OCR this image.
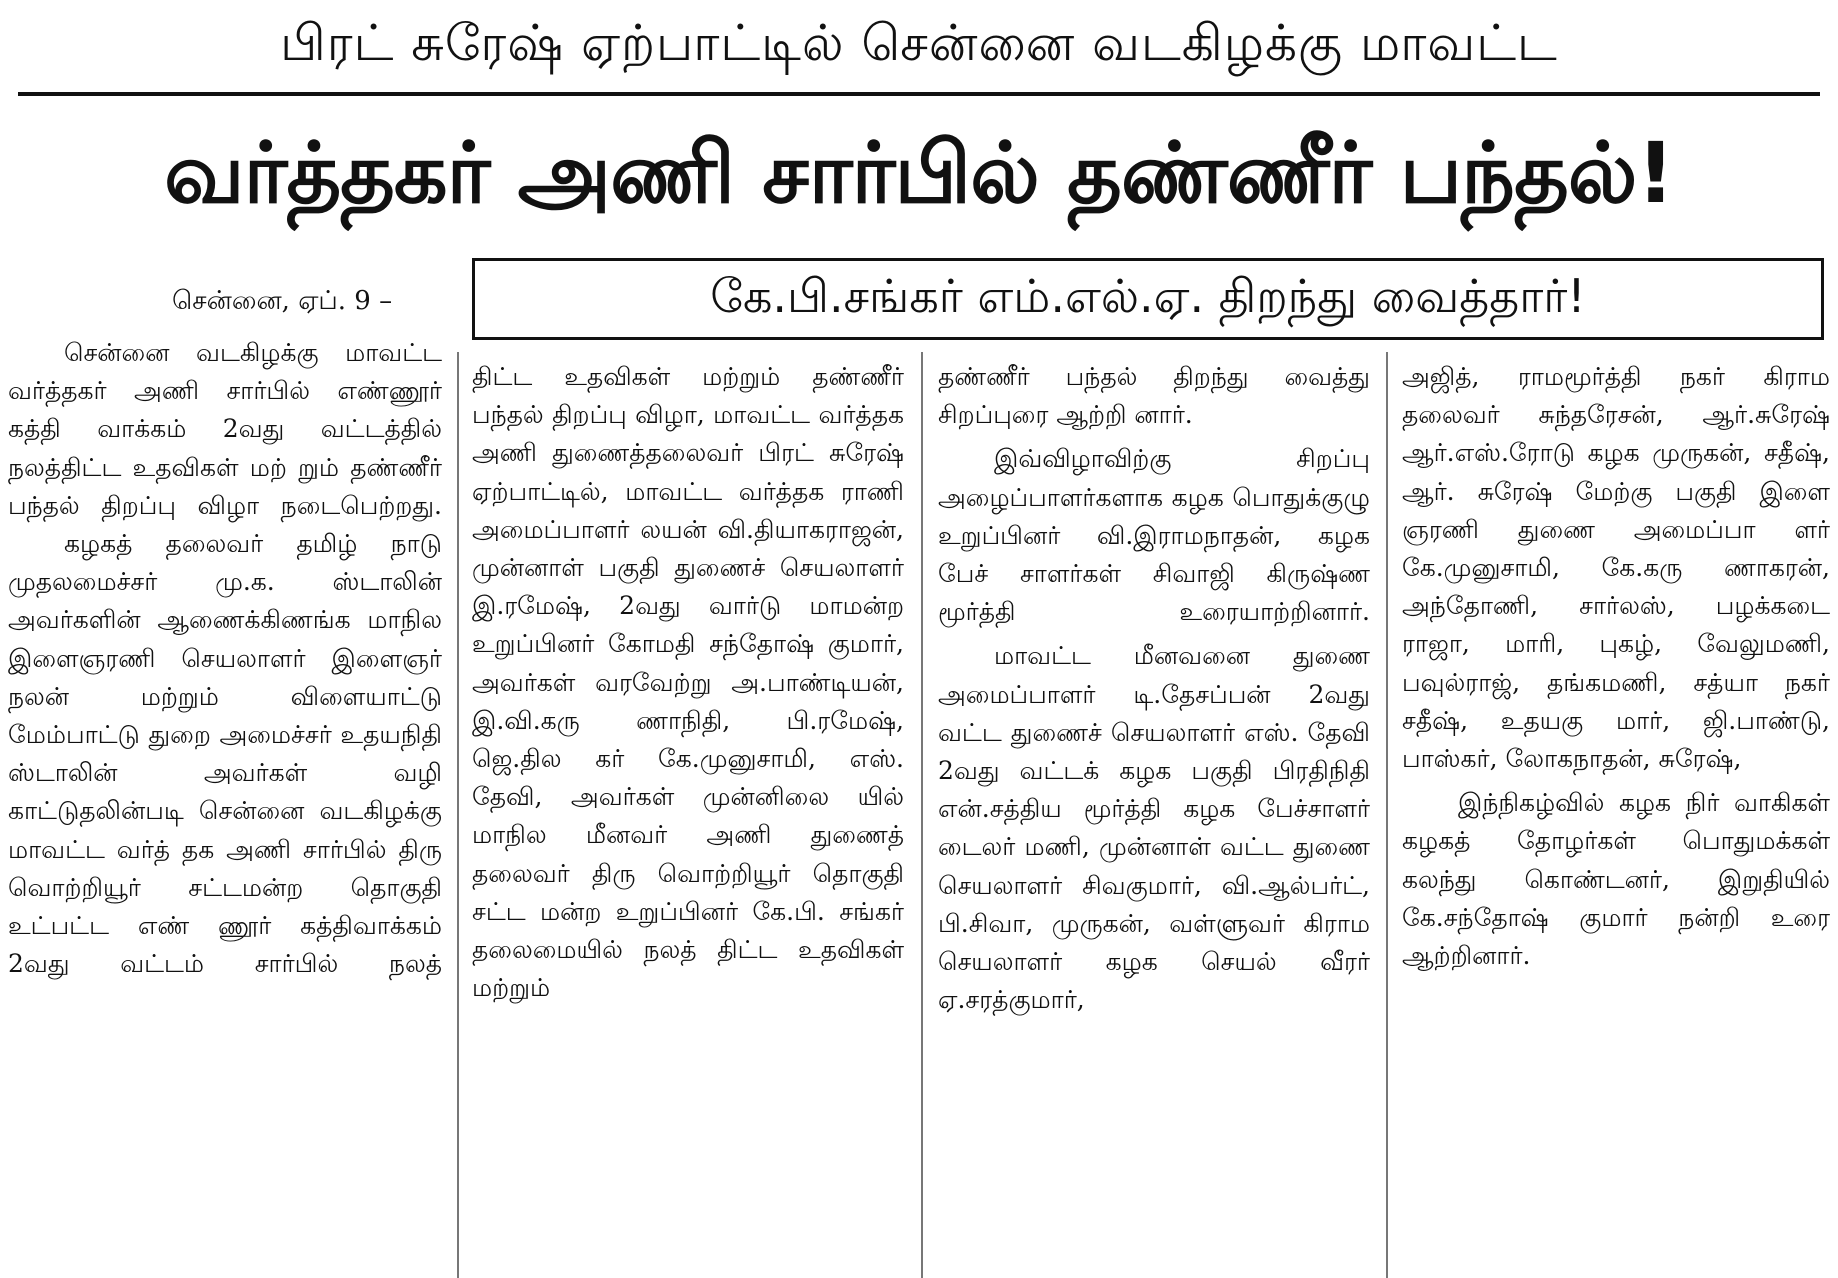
பிரட் சுரேஷ் ஏற்பாட்டில் சென்னை வடகிழக்கு மாவட்ட
வர்த்தகர் அணி சார்பில் தண்ணீர் பந்தல்!
கே.பி.சங்கர் எம்.எல்.ஏ. திறந்து வைத்தார்!
சென்னை, ஏப். 9 –

சென்னை வடகிழக்கு மாவட்ட வர்த்தகர் அணி சார்பில் எண்ணூர் கத்தி வாக்கம் 2வது வட்டத்தில் நலத்திட்ட உதவிகள் மற் றும் தண்ணீர் பந்தல் திறப்பு விழா நடைபெற்றது.

கழகத் தலைவர் தமிழ் நாடு முதலமைச்சர் மு.க. ஸ்டாலின் அவர்களின் ஆணைக்கிணங்க மாநில இளைஞரணி செயலாளர் இளைஞர் நலன் மற்றும் விளையாட்டு மேம்பாட்டு துறை அமைச்சர் உதயநிதி ஸ்டாலின் அவர்கள் வழி காட்டுதலின்படி சென்னை வடகிழக்கு மாவட்ட வர்த் தக அணி சார்பில் திரு வொற்றியூர் சட்டமன்ற தொகுதி உட்பட்ட எண் ணூர் கத்திவாக்கம் 2வது வட்டம் சார்பில் நலத்

திட்ட உதவிகள் மற்றும் தண்ணீர் பந்தல் திறப்பு விழா, மாவட்ட வர்த்தக அணி துணைத்தலைவர் பிரட் சுரேஷ் ஏற்பாட்டில், மாவட்ட வர்த்தக ராணி அமைப்பாளர் லயன் வி.தியாகராஜன், முன்னாள் பகுதி துணைச் செயலாளர் இ.ரமேஷ், 2வது வார்டு மாமன்ற உறுப்பினர் கோமதி சந்தோஷ் குமார், அவர்கள் வரவேற்று அ.பாண்டியன், இ.வி.கரு ணாநிதி, பி.ரமேஷ், ஜெ.தில கர் கே.முனுசாமி, எஸ். தேவி, அவர்கள் முன்னிலை யில் மாநில மீனவர் அணி துணைத் தலைவர் திரு வொற்றியூர் தொகுதி சட்ட மன்ற உறுப்பினர் கே.பி. சங்கர் தலைமையில் நலத் திட்ட உதவிகள் மற்றும்

தண்ணீர் பந்தல் திறந்து வைத்து சிறப்புரை ஆற்றி னார்.

இவ்விழாவிற்கு சிறப்பு அழைப்பாளர்களாக கழக பொதுக்குழு உறுப்பினர் வி.இராமநாதன், கழக பேச் சாளர்கள் சிவாஜி கிருஷ்ண மூர்த்தி உரையாற்றினார்.

மாவட்ட மீனவனை துணை அமைப்பாளர் டி.தேசப்பன் 2வது வட்ட துணைச் செயலாளர் எஸ். தேவி 2வது வட்டக் கழக பகுதி பிரதிநிதி என்.சத்திய மூர்த்தி கழக பேச்சாளர் டைலர் மணி, முன்னாள் வட்ட துணை செயலாளர் சிவகுமார், வி.ஆல்பர்ட், பி.சிவா, முருகன், வள்ளுவர் கிராம செயலாளர் கழக செயல் வீரர் ஏ.சரத்குமார்,

அஜித், ராமமூர்த்தி நகர் கிராம தலைவர் சுந்தரேசன், ஆர்.சுரேஷ் ஆர்.எஸ்.ரோடு கழக முருகன், சதீஷ், ஆர். சுரேஷ் மேற்கு பகுதி இளை ஞரணி துணை அமைப்பா ளர் கே.முனுசாமி, கே.கரு ணாகரன், அந்தோணி, சார்லஸ், பழக்கடை ராஜா, மாரி, புகழ், வேலுமணி, பவுல்ராஜ், தங்கமணி, சத்யா நகர் சதீஷ், உதயகு மார், ஜி.பாண்டு, பாஸ்கர், லோகநாதன், சுரேஷ்,

இந்நிகழ்வில் கழக நிர் வாகிகள் கழகத் தோழர்கள் பொதுமக்கள் கலந்து கொண்டனர், இறுதியில் கே.சந்தோஷ் குமார் நன்றி உரை ஆற்றினார்.
